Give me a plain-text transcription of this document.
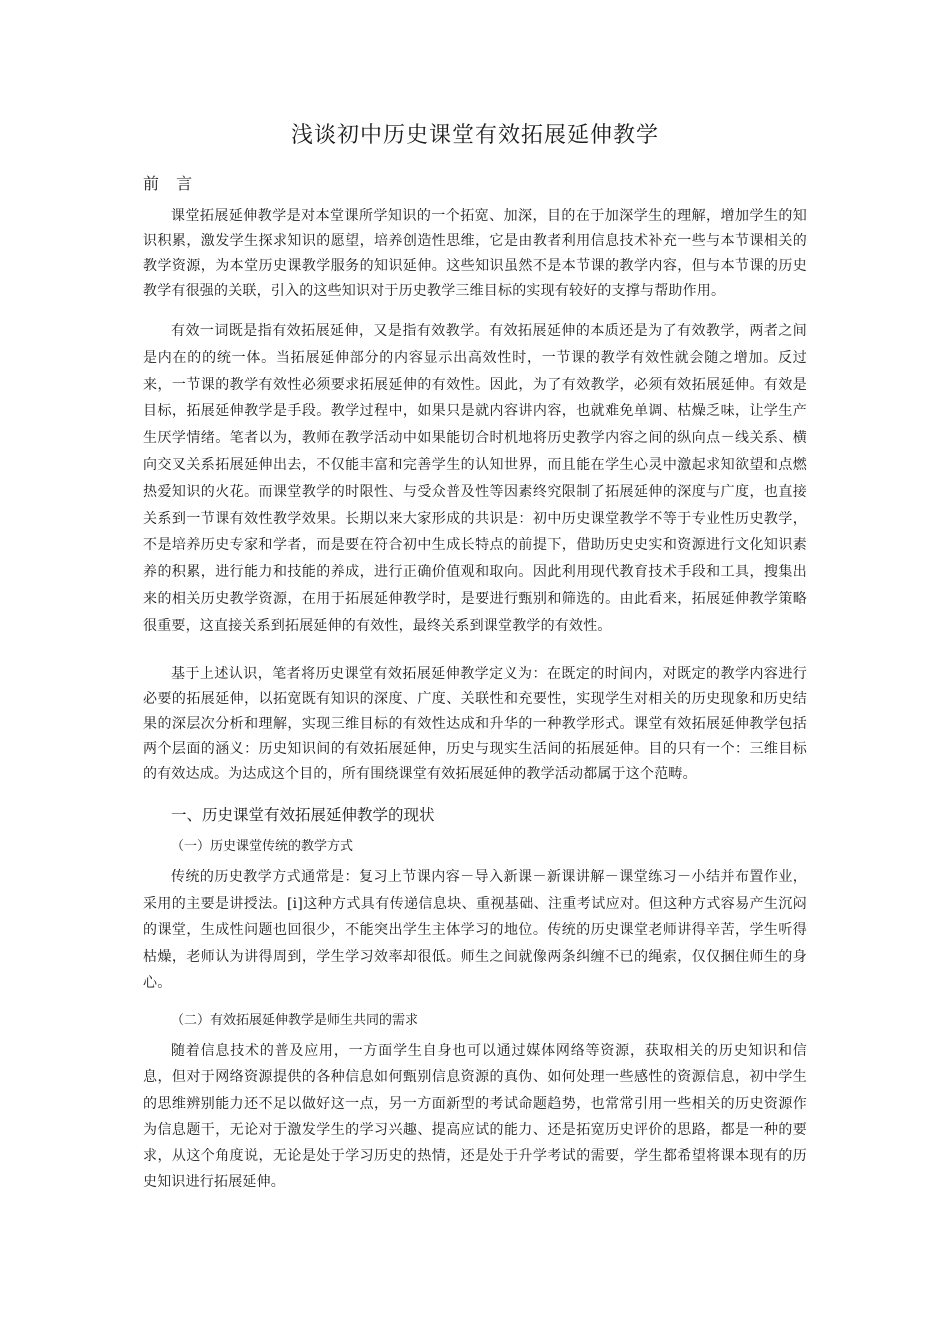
浅谈初中历史课堂有效拓展延伸教学
前 言

课堂拓展延伸教学是对本堂课所学知识的一个拓宽、加深，目的在于加深学生的理解，增加学生的知识积累，激发学生探求知识的愿望，培养创造性思维，它是由教者利用信息技术补充一些与本节课相关的教学资源，为本堂历史课教学服务的知识延伸。这些知识虽然不是本节课的教学内容，但与本节课的历史教学有很强的关联，引入的这些知识对于历史教学三维目标的实现有较好的支撑与帮助作用。

有效一词既是指有效拓展延伸，又是指有效教学。有效拓展延伸的本质还是为了有效教学，两者之间是内在的的统一体。当拓展延伸部分的内容显示出高效性时，一节课的教学有效性就会随之增加。反过来，一节课的教学有效性必须要求拓展延伸的有效性。因此，为了有效教学，必须有效拓展延伸。有效是目标，拓展延伸教学是手段。教学过程中，如果只是就内容讲内容，也就难免单调、枯燥乏味，让学生产生厌学情绪。笔者以为，教师在教学活动中如果能切合时机地将历史教学内容之间的纵向点－线关系、横向交叉关系拓展延伸出去，不仅能丰富和完善学生的认知世界，而且能在学生心灵中激起求知欲望和点燃热爱知识的火花。而课堂教学的时限性、与受众普及性等因素终究限制了拓展延伸的深度与广度，也直接关系到一节课有效性教学效果。长期以来大家形成的共识是：初中历史课堂教学不等于专业性历史教学，不是培养历史专家和学者，而是要在符合初中生成长特点的前提下，借助历史史实和资源进行文化知识素养的积累，进行能力和技能的养成，进行正确价值观和取向。因此利用现代教育技术手段和工具，搜集出来的相关历史教学资源，在用于拓展延伸教学时，是要进行甄别和筛选的。由此看来，拓展延伸教学策略很重要，这直接关系到拓展延伸的有效性，最终关系到课堂教学的有效性。

基于上述认识，笔者将历史课堂有效拓展延伸教学定义为：在既定的时间内，对既定的教学内容进行必要的拓展延伸，以拓宽既有知识的深度、广度、关联性和充要性，实现学生对相关的历史现象和历史结果的深层次分析和理解，实现三维目标的有效性达成和升华的一种教学形式。课堂有效拓展延伸教学包括两个层面的涵义：历史知识间的有效拓展延伸，历史与现实生活间的拓展延伸。目的只有一个：三维目标的有效达成。为达成这个目的，所有围绕课堂有效拓展延伸的教学活动都属于这个范畴。

一、历史课堂有效拓展延伸教学的现状
（一）历史课堂传统的教学方式

传统的历史教学方式通常是：复习上节课内容－导入新课－新课讲解－课堂练习－小结并布置作业，采用的主要是讲授法。[i]这种方式具有传递信息块、重视基础、注重考试应对。但这种方式容易产生沉闷的课堂，生成性问题也回很少，不能突出学生主体学习的地位。传统的历史课堂老师讲得辛苦，学生听得枯燥，老师认为讲得周到，学生学习效率却很低。师生之间就像两条纠缠不已的绳索，仅仅捆住师生的身心。

（二）有效拓展延伸教学是师生共同的需求

随着信息技术的普及应用，一方面学生自身也可以通过媒体网络等资源，获取相关的历史知识和信息，但对于网络资源提供的各种信息如何甄别信息资源的真伪、如何处理一些感性的资源信息，初中学生的思维辨别能力还不足以做好这一点，另一方面新型的考试命题趋势，也常常引用一些相关的历史资源作为信息题干，无论对于激发学生的学习兴趣、提高应试的能力、还是拓宽历史评价的思路，都是一种的要求，从这个角度说，无论是处于学习历史的热情，还是处于升学考试的需要，学生都希望将课本现有的历史知识进行拓展延伸。
